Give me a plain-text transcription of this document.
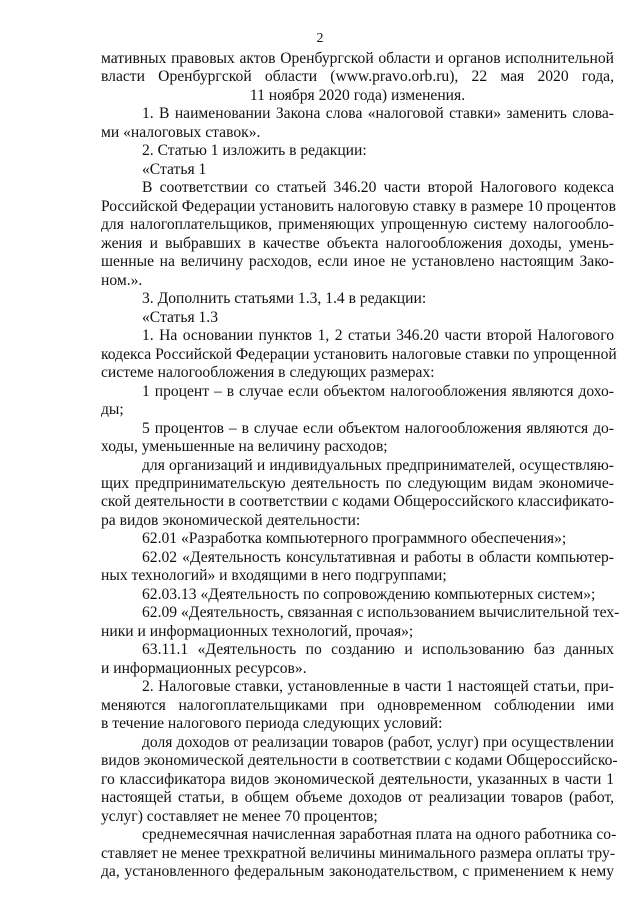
2
мативных правовых актов Оренбургской области и органов исполнительной
власти Оренбургской области (www.pravo.orb.ru), 22 мая 2020 года,
11 ноября 2020 года) изменения.
1. В наименовании Закона слова «налоговой ставки» заменить слова-
ми «налоговых ставок».
2. Статью 1 изложить в редакции:
«Статья 1
В соответствии со статьей 346.20 части второй Налогового кодекса
Российской Федерации установить налоговую ставку в размере 10 процентов
для налогоплательщиков, применяющих упрощенную систему налогообло-
жения и выбравших в качестве объекта налогообложения доходы, умень-
шенные на величину расходов, если иное не установлено настоящим Зако-
ном.».
3. Дополнить статьями 1.3, 1.4 в редакции:
«Статья 1.3
1. На основании пунктов 1, 2 статьи 346.20 части второй Налогового
кодекса Российской Федерации установить налоговые ставки по упрощенной
системе налогообложения в следующих размерах:
1 процент – в случае если объектом налогообложения являются дохо-
ды;
5 процентов – в случае если объектом налогообложения являются до-
ходы, уменьшенные на величину расходов;
для организаций и индивидуальных предпринимателей, осуществляю-
щих предпринимательскую деятельность по следующим видам экономиче-
ской деятельности в соответствии с кодами Общероссийского классификато-
ра видов экономической деятельности:
62.01 «Разработка компьютерного программного обеспечения»;
62.02 «Деятельность консультативная и работы в области компьютер-
ных технологий» и входящими в него подгруппами;
62.03.13 «Деятельность по сопровождению компьютерных систем»;
62.09 «Деятельность, связанная с использованием вычислительной тех-
ники и информационных технологий, прочая»;
63.11.1 «Деятельность по созданию и использованию баз данных
и информационных ресурсов».
2. Налоговые ставки, установленные в части 1 настоящей статьи, при-
меняются налогоплательщиками при одновременном соблюдении ими
в течение налогового периода следующих условий:
доля доходов от реализации товаров (работ, услуг) при осуществлении
видов экономической деятельности в соответствии с кодами Общероссийско-
го классификатора видов экономической деятельности, указанных в части 1
настоящей статьи, в общем объеме доходов от реализации товаров (работ,
услуг) составляет не менее 70 процентов;
среднемесячная начисленная заработная плата на одного работника со-
ставляет не менее трехкратной величины минимального размера оплаты тру-
да, установленного федеральным законодательством, с применением к нему
